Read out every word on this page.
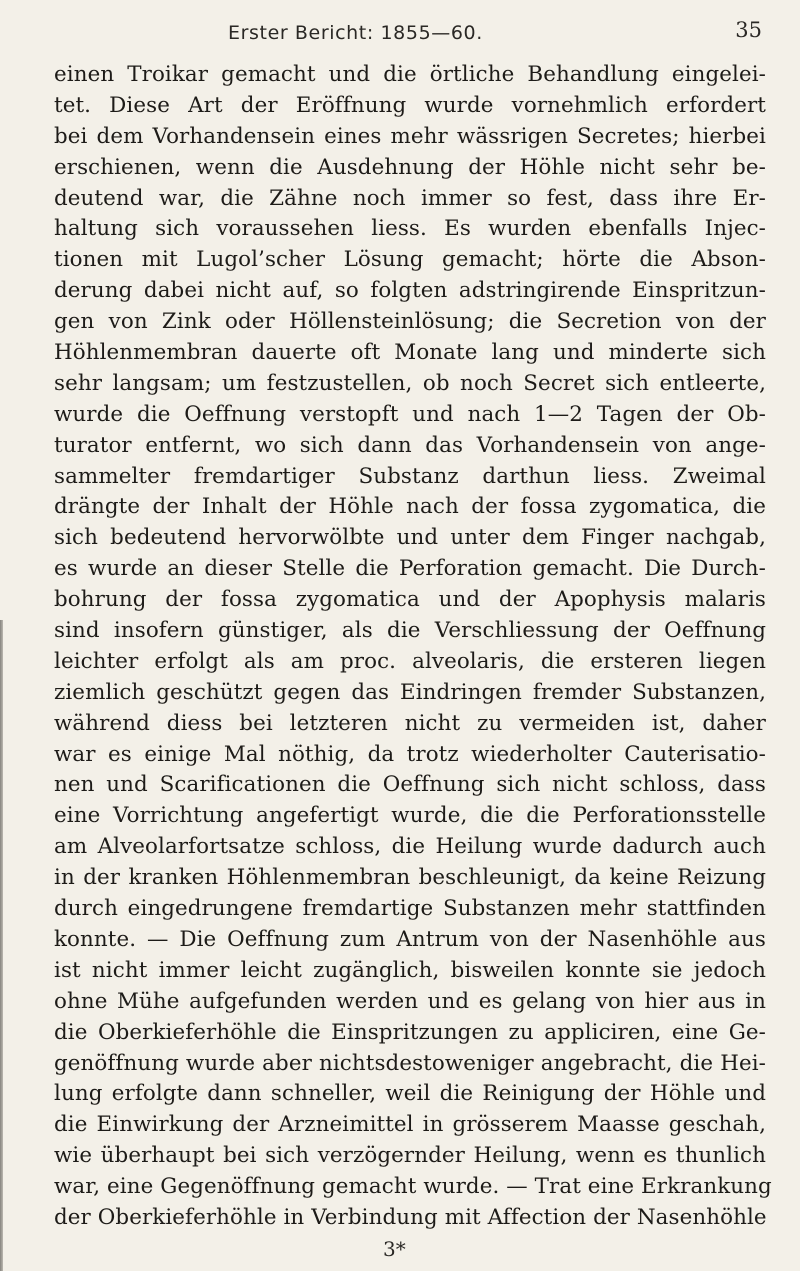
Erster Bericht: 1855—60.	35
einen Troikar gemacht und die örtliche Behandlung eingelei-
tet. Diese Art der Eröffnung wurde vornehmlich erfordert
bei dem Vorhandensein eines mehr wässrigen Secretes; hierbei
erschienen, wenn die Ausdehnung der Höhle nicht sehr be-
deutend war, die Zähne noch immer so fest, dass ihre Er-
haltung sich voraussehen liess. Es wurden ebenfalls Injec-
tionen mit Lugol’scher Lösung gemacht; hörte die Abson-
derung dabei nicht auf, so folgten adstringirende Einspritzun-
gen von Zink oder Höllensteinlösung; die Secretion von der
Höhlenmembran dauerte oft Monate lang und minderte sich
sehr langsam; um festzustellen, ob noch Secret sich entleerte,
wurde die Oeffnung verstopft und nach 1—2 Tagen der Ob-
turator entfernt, wo sich dann das Vorhandensein von ange-
sammelter fremdartiger Substanz darthun liess. Zweimal
drängte der Inhalt der Höhle nach der fossa zygomatica, die
sich bedeutend hervorwölbte und unter dem Finger nachgab,
es wurde an dieser Stelle die Perforation gemacht. Die Durch-
bohrung der fossa zygomatica und der Apophysis malaris
sind insofern günstiger, als die Verschliessung der Oeffnung
leichter erfolgt als am proc. alveolaris, die ersteren liegen
ziemlich geschützt gegen das Eindringen fremder Substanzen,
während diess bei letzteren nicht zu vermeiden ist, daher
war es einige Mal nöthig, da trotz wiederholter Cauterisatio-
nen und Scarificationen die Oeffnung sich nicht schloss, dass
eine Vorrichtung angefertigt wurde, die die Perforationsstelle
am Alveolarfortsatze schloss, die Heilung wurde dadurch auch
in der kranken Höhlenmembran beschleunigt, da keine Reizung
durch eingedrungene fremdartige Substanzen mehr stattfinden
konnte. — Die Oeffnung zum Antrum von der Nasenhöhle aus
ist nicht immer leicht zugänglich, bisweilen konnte sie jedoch
ohne Mühe aufgefunden werden und es gelang von hier aus in
die Oberkieferhöhle die Einspritzungen zu appliciren, eine Ge-
genöffnung wurde aber nichtsdestoweniger angebracht, die Hei-
lung erfolgte dann schneller, weil die Reinigung der Höhle und
die Einwirkung der Arzneimittel in grösserem Maasse geschah,
wie überhaupt bei sich verzögernder Heilung, wenn es thunlich
war, eine Gegenöffnung gemacht wurde. — Trat eine Erkrankung
der Oberkieferhöhle in Verbindung mit Affection der Nasenhöhle
3*
